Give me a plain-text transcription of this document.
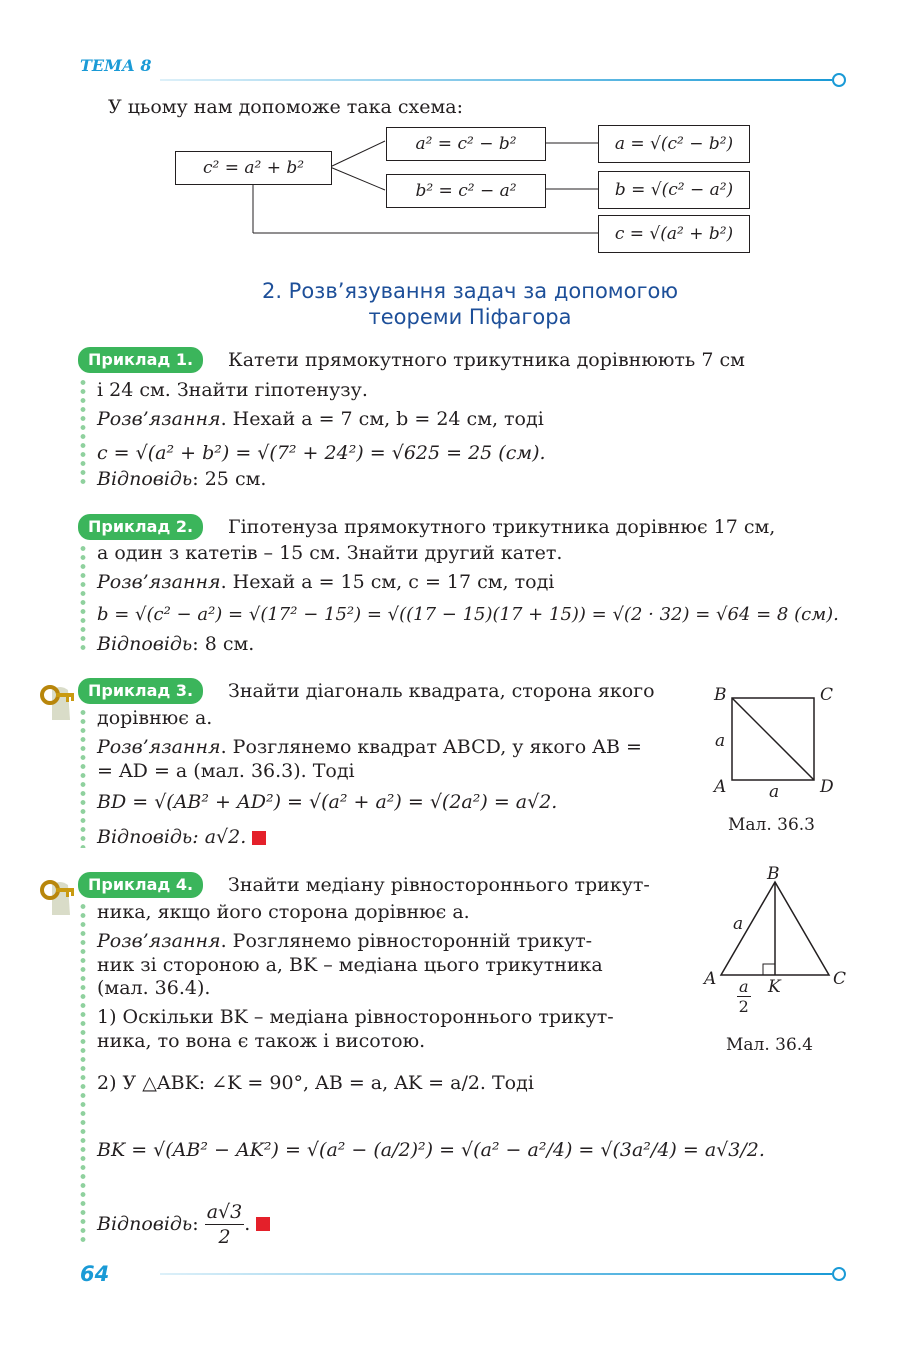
ТЕМА 8
У цьому нам допоможе така схема:
c² = a² + b²
a² = c² − b²
b² = c² − a²
a = √(c² − b²)
b = √(c² − a²)
c = √(a² + b²)
2. Розв’язування задач за допомогою
теореми Піфагора
Приклад 1.	Катети прямокутного трикутника дорівнюють 7 см
і 24 см. Знайти гіпотенузу.
Розв’язання. Нехай a = 7 см, b = 24 см, тоді
c = √(a² + b²) = √(7² + 24²) = √625 = 25 (см).
Відповідь: 25 см.
Приклад 2.	Гіпотенуза прямокутного трикутника дорівнює 17 см,
а один з катетів – 15 см. Знайти другий катет.
Розв’язання. Нехай a = 15 см, c = 17 см, тоді
b = √(c² − a²) = √(17² − 15²) = √((17 − 15)(17 + 15)) = √(2 · 32) = √64 = 8 (см).
Відповідь: 8 см.
Приклад 3.	Знайти діагональ квадрата, сторона якого
дорівнює a.
Розв’язання. Розглянемо квадрат ABCD, у якого AB =
= AD = a (мал. 36.3). Тоді
BD = √(AB² + AD²) = √(a² + a²) = √(2a²) = a√2.
Відповідь: a√2.
B	C
A	D
a
a
Мал. 36.3
Приклад 4.	Знайти медіану рівностороннього трикут-
ника, якщо його сторона дорівнює a.
Розв’язання. Розглянемо рівносторонній трикут-
ник зі стороною a, BK – медіана цього трикутника
(мал. 36.4).
1) Оскільки BK – медіана рівностороннього трикут-
ника, то вона є також і висотою.
2) У △ABK: ∠K = 90°, AB = a, AK = a/2. Тоді
BK = √(AB² − AK²) = √(a² − (a/2)²) = √(a² − a²/4) = √(3a²/4) = a√3/2.
Відповідь : $\frac{a√3}{2}$ .
B
A	C
K
a
$\frac{a}{2}$
Мал. 36.4
64
